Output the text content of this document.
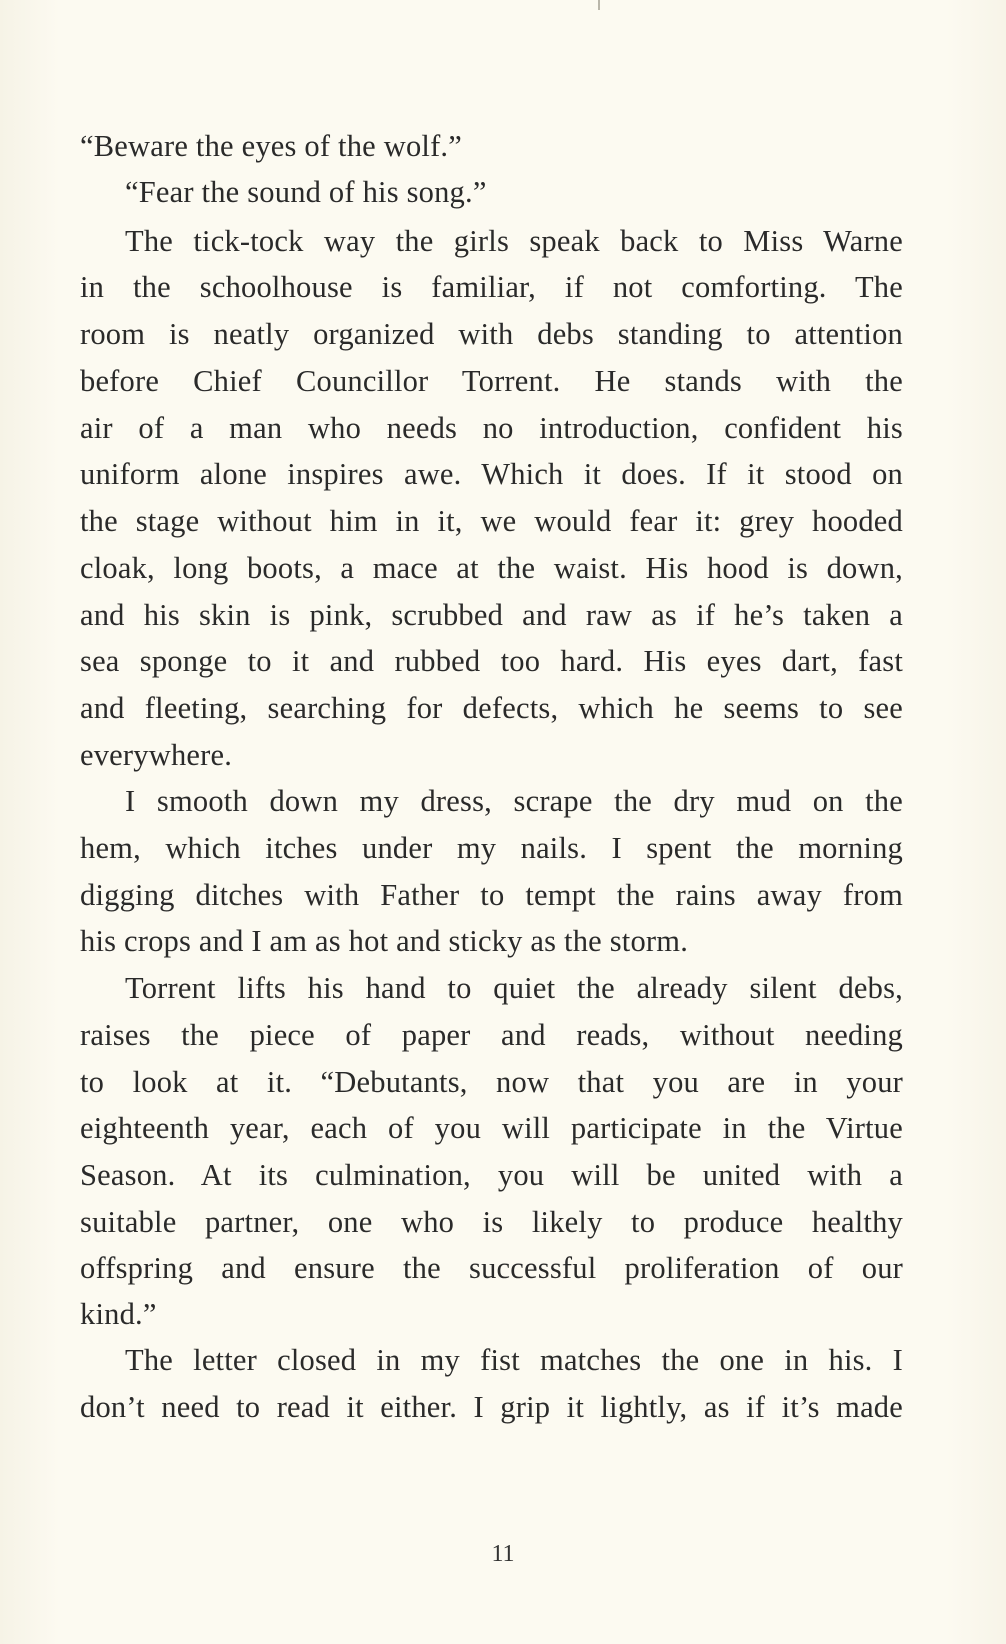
“Beware the eyes of the wolf.”
“Fear the sound of his song.”
The tick-tock way the girls speak back to Miss Warne
in the schoolhouse is familiar, if not comforting. The
room is neatly organized with debs standing to attention
before Chief Councillor Torrent. He stands with the
air of a man who needs no introduction, confident his
uniform alone inspires awe. Which it does. If it stood on
the stage without him in it, we would fear it: grey hooded
cloak, long boots, a mace at the waist. His hood is down,
and his skin is pink, scrubbed and raw as if he’s taken a
sea sponge to it and rubbed too hard. His eyes dart, fast
and fleeting, searching for defects, which he seems to see
everywhere.
I smooth down my dress, scrape the dry mud on the
hem, which itches under my nails. I spent the morning
digging ditches with Father to tempt the rains away from
his crops and I am as hot and sticky as the storm.
Torrent lifts his hand to quiet the already silent debs,
raises the piece of paper and reads, without needing
to look at it. “Debutants, now that you are in your
eighteenth year, each of you will participate in the Virtue
Season. At its culmination, you will be united with a
suitable partner, one who is likely to produce healthy
offspring and ensure the successful proliferation of our
kind.”
The letter closed in my fist matches the one in his. I
don’t need to read it either. I grip it lightly, as if it’s made
11
